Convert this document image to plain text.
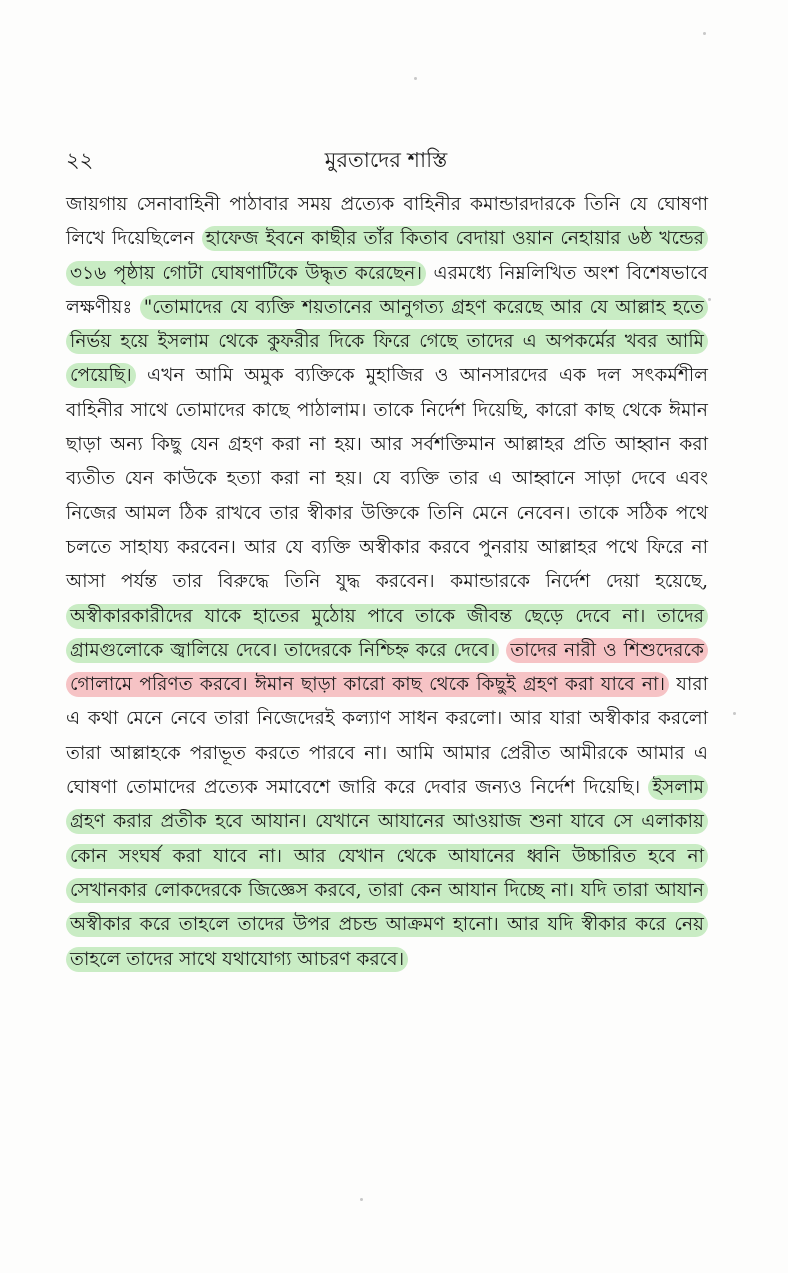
মুরতাদের শাস্তি
২২
জায়গায় সেনাবাহিনী পাঠাবার সময় প্রত্যেক বাহিনীর কমান্ডারদারকে তিনি যে ঘোষণা লিখে দিয়েছিলেন হাফেজ ইবনে কাছীর তাঁর কিতাব বেদায়া ওয়ান নেহায়ার ৬ষ্ঠ খন্ডের ৩১৬ পৃষ্ঠায় গোটা ঘোষণাটিকে উদ্ধৃত করেছেন। এরমধ্যে নিম্নলিখিত অংশ বিশেষভাবে লক্ষণীয়ঃ "তোমাদের যে ব্যক্তি শয়তানের আনুগত্য গ্রহণ করেছে আর যে আল্লাহ হতে নির্ভয় হয়ে ইসলাম থেকে কুফরীর দিকে ফিরে গেছে তাদের এ অপকর্মের খবর আমি পেয়েছি। এখন আমি অমুক ব্যক্তিকে মুহাজির ও আনসারদের এক দল সৎকর্মশীল বাহিনীর সাথে তোমাদের কাছে পাঠালাম। তাকে নির্দেশ দিয়েছি, কারো কাছ থেকে ঈমান ছাড়া অন্য কিছু যেন গ্রহণ করা না হয়। আর সর্বশক্তিমান আল্লাহর প্রতি আহ্বান করা ব্যতীত যেন কাউকে হত্যা করা না হয়। যে ব্যক্তি তার এ আহ্বানে সাড়া দেবে এবং নিজের আমল ঠিক রাখবে তার স্বীকার উক্তিকে তিনি মেনে নেবেন। তাকে সঠিক পথে চলতে সাহায্য করবেন। আর যে ব্যক্তি অস্বীকার করবে পুনরায় আল্লাহর পথে ফিরে না আসা পর্যন্ত তার বিরুদ্ধে তিনি যুদ্ধ করবেন। কমান্ডারকে নির্দেশ দেয়া হয়েছে, অস্বীকারকারীদের যাকে হাতের মুঠোয় পাবে তাকে জীবন্ত ছেড়ে দেবে না। তাদের গ্রামগুলোকে জ্বালিয়ে দেবে। তাদেরকে নিশ্চিহ্ন করে দেবে। তাদের নারী ও শিশুদেরকে গোলামে পরিণত করবে। ঈমান ছাড়া কারো কাছ থেকে কিছুই গ্রহণ করা যাবে না। যারা এ কথা মেনে নেবে তারা নিজেদেরই কল্যাণ সাধন করলো। আর যারা অস্বীকার করলো তারা আল্লাহকে পরাভূত করতে পারবে না। আমি আমার প্রেরীত আমীরকে আমার এ ঘোষণা তোমাদের প্রত্যেক সমাবেশে জারি করে দেবার জন্যও নির্দেশ দিয়েছি। ইসলাম গ্রহণ করার প্রতীক হবে আযান। যেখানে আযানের আওয়াজ শুনা যাবে সে এলাকায় কোন সংঘর্ষ করা যাবে না। আর যেখান থেকে আযানের ধ্বনি উচ্চারিত হবে না সেখানকার লোকদেরকে জিজ্ঞেস করবে, তারা কেন আযান দিচ্ছে না। যদি তারা আযান অস্বীকার করে তাহলে তাদের উপর প্রচন্ড আক্রমণ হানো। আর যদি স্বীকার করে নেয় তাহলে তাদের সাথে যথাযোগ্য আচরণ করবে।
